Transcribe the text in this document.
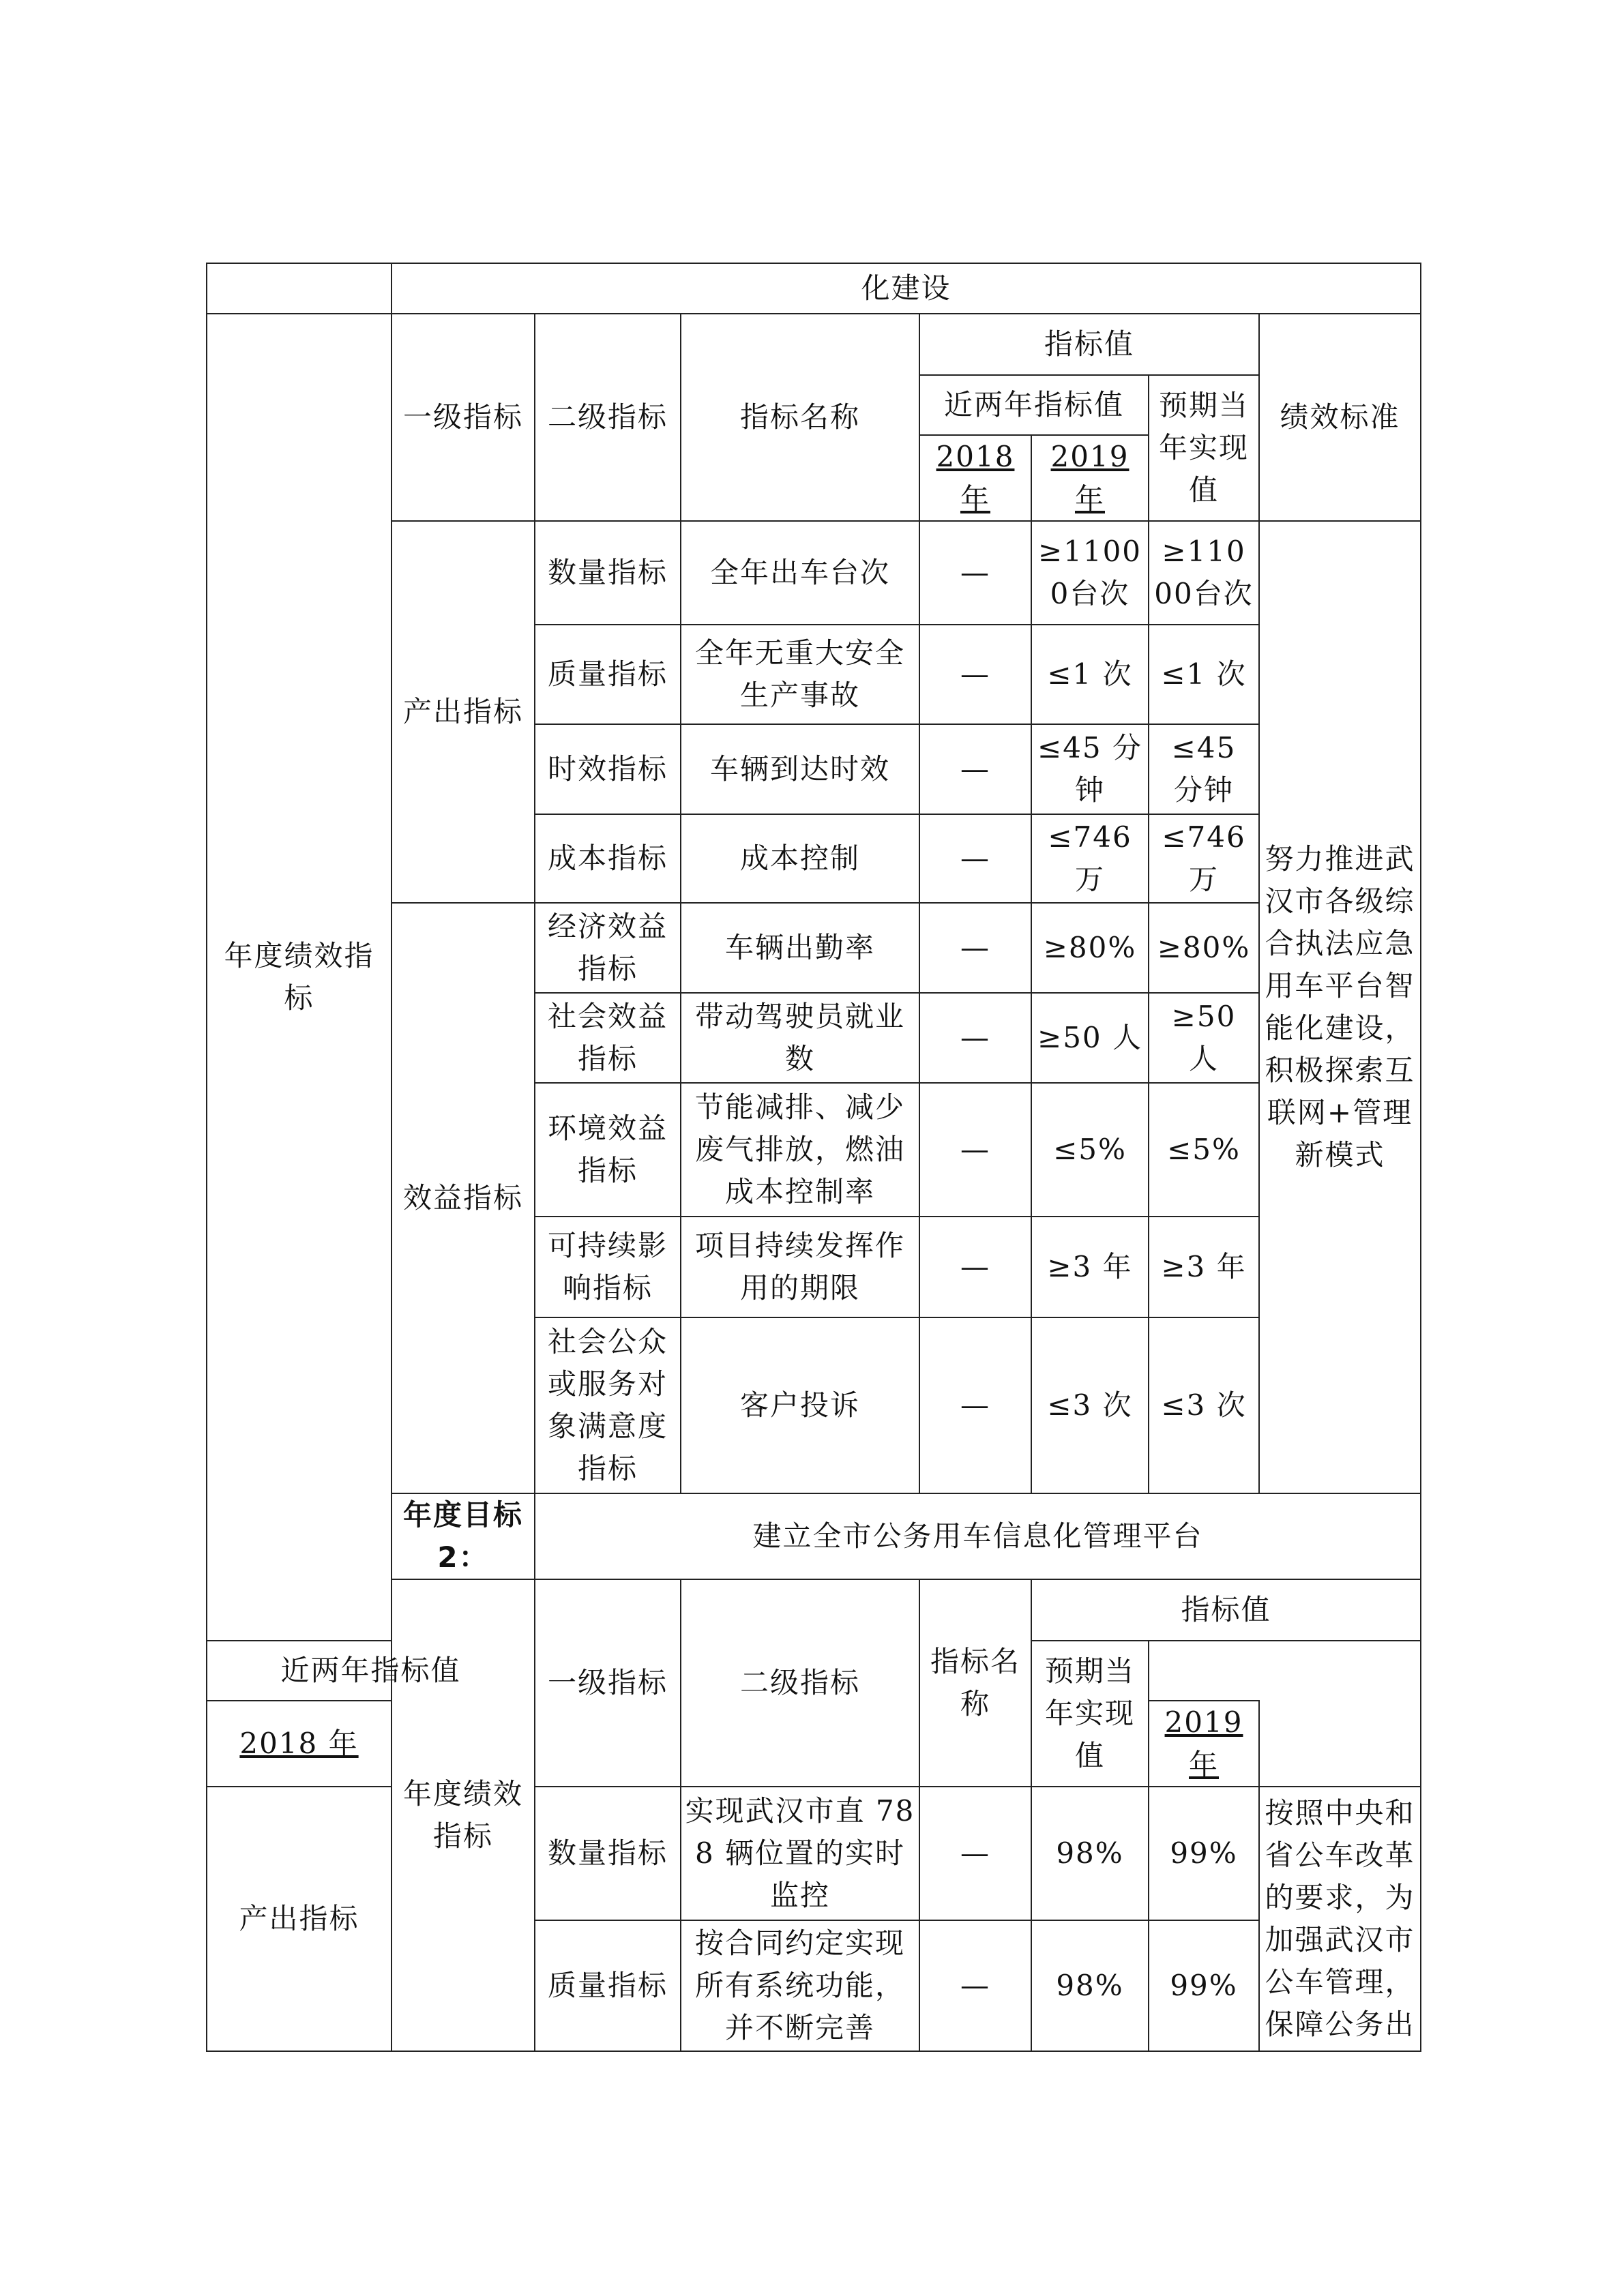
	化建设							
年度绩效指标	一级指标	二级指标	指标名称	指标值			绩效标准	
				近两年指标值		预期当年实现值		
				2018 年	2019 年			
	产出指标	数量指标	全年出车台次	—	≥11000台次	≥11000台次	努力推进武汉市各级综合执法应急用车平台智能化建设，积极探索互联网+管理新模式	
		质量指标	全年无重大安全生产事故	—	≤1 次	≤1 次		
		时效指标	车辆到达时效	—	≤45 分钟	≤45 分钟		
		成本指标	成本控制	—	≤746 万	≤746 万		
	效益指标	经济效益指标	车辆出勤率	—	≥80%	≥80%		
		社会效益指标	带动驾驶员就业数	—	≥50 人	≥50 人		
		环境效益指标	节能减排、减少废气排放，燃油成本控制率	—	≤5%	≤5%		
		可持续影响指标	项目持续发挥作用的期限	—	≥3 年	≥3 年		
		社会公众或服务对象满意度指标	客户投诉	—	≤3 次	≤3 次		
	年度目标 2：	建立全市公务用车信息化管理平台						
	年度绩效指标	一级指标	二级指标	指标名称	指标值	
近两年指标值					预期当年实现值			
2018 年						2019 年		
产出指标		数量指标	实现武汉市直 788 辆位置的实时监控	—	98%	99%	按照中央和省公车改革的要求，为加强武汉市公车管理，保障公务出	
		质量指标	按合同约定实现所有系统功能，并不断完善	—	98%	99%		
